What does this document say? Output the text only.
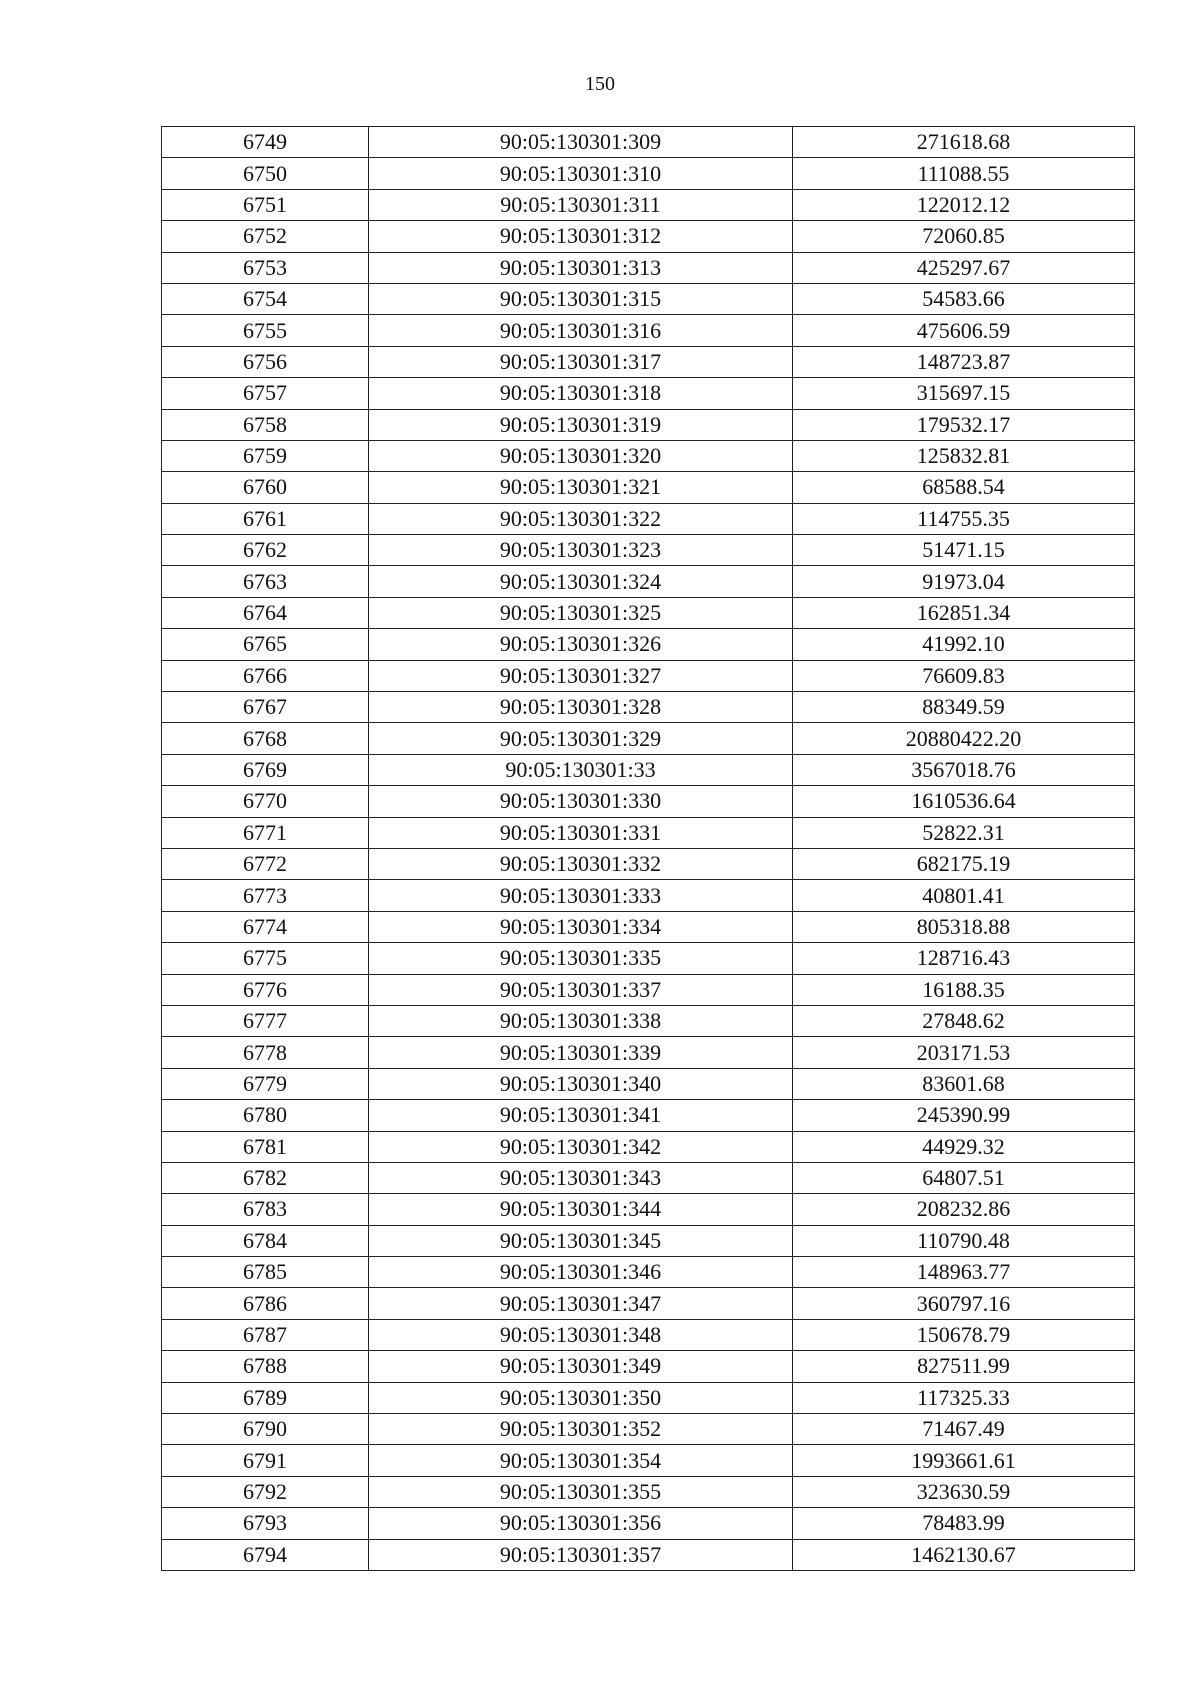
150
6749	90:05:130301:309	271618.68
6750	90:05:130301:310	111088.55
6751	90:05:130301:311	122012.12
6752	90:05:130301:312	72060.85
6753	90:05:130301:313	425297.67
6754	90:05:130301:315	54583.66
6755	90:05:130301:316	475606.59
6756	90:05:130301:317	148723.87
6757	90:05:130301:318	315697.15
6758	90:05:130301:319	179532.17
6759	90:05:130301:320	125832.81
6760	90:05:130301:321	68588.54
6761	90:05:130301:322	114755.35
6762	90:05:130301:323	51471.15
6763	90:05:130301:324	91973.04
6764	90:05:130301:325	162851.34
6765	90:05:130301:326	41992.10
6766	90:05:130301:327	76609.83
6767	90:05:130301:328	88349.59
6768	90:05:130301:329	20880422.20
6769	90:05:130301:33	3567018.76
6770	90:05:130301:330	1610536.64
6771	90:05:130301:331	52822.31
6772	90:05:130301:332	682175.19
6773	90:05:130301:333	40801.41
6774	90:05:130301:334	805318.88
6775	90:05:130301:335	128716.43
6776	90:05:130301:337	16188.35
6777	90:05:130301:338	27848.62
6778	90:05:130301:339	203171.53
6779	90:05:130301:340	83601.68
6780	90:05:130301:341	245390.99
6781	90:05:130301:342	44929.32
6782	90:05:130301:343	64807.51
6783	90:05:130301:344	208232.86
6784	90:05:130301:345	110790.48
6785	90:05:130301:346	148963.77
6786	90:05:130301:347	360797.16
6787	90:05:130301:348	150678.79
6788	90:05:130301:349	827511.99
6789	90:05:130301:350	117325.33
6790	90:05:130301:352	71467.49
6791	90:05:130301:354	1993661.61
6792	90:05:130301:355	323630.59
6793	90:05:130301:356	78483.99
6794	90:05:130301:357	1462130.67
